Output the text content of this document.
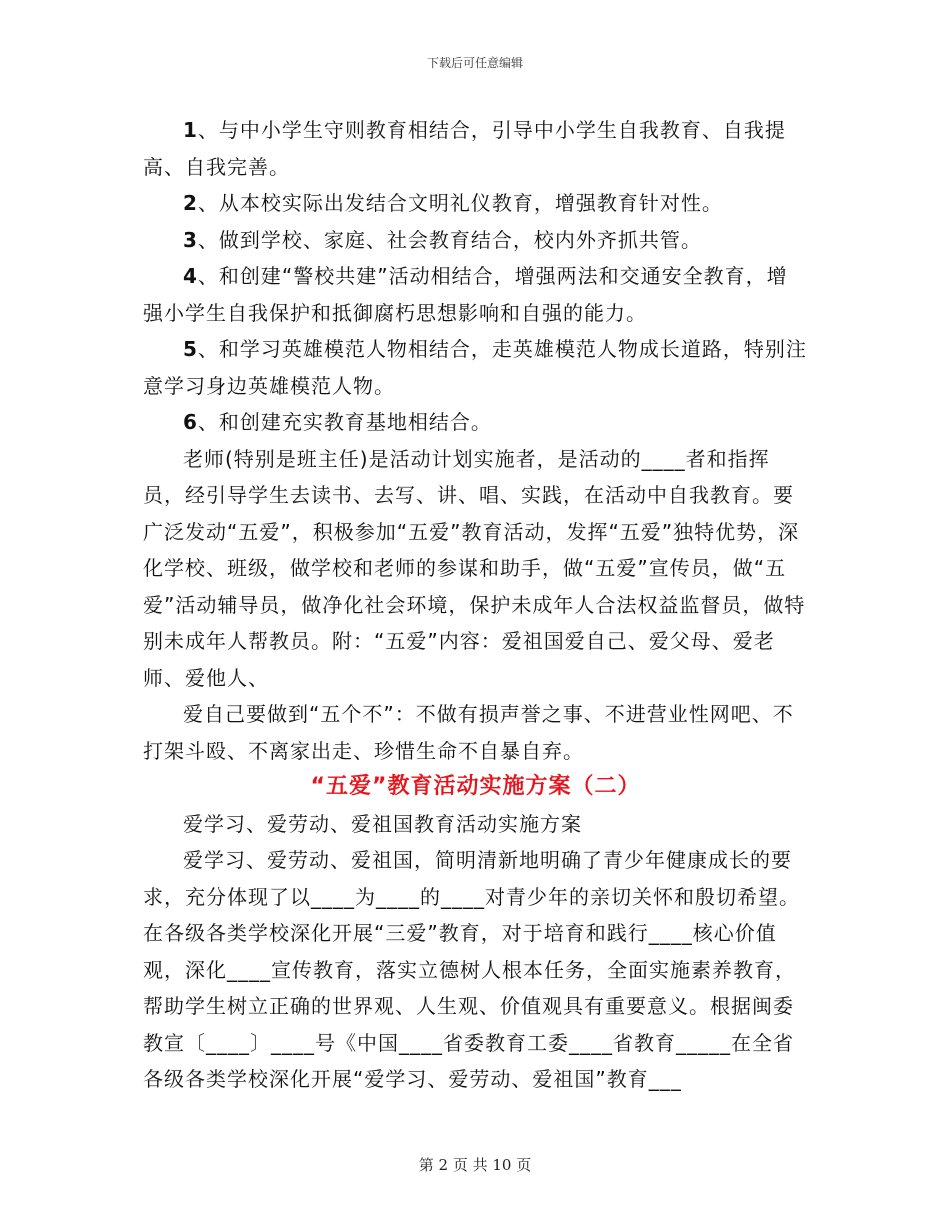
下载后可任意编辑

1、与中小学生守则教育相结合，引导中小学生自我教育、自我提高、自我完善。

2、从本校实际出发结合文明礼仪教育，增强教育针对性。

3、做到学校、家庭、社会教育结合，校内外齐抓共管。

4、和创建“警校共建”活动相结合，增强两法和交通安全教育，增强小学生自我保护和抵御腐朽思想影响和自强的能力。

5、和学习英雄模范人物相结合，走英雄模范人物成长道路，特别注意学习身边英雄模范人物。

6、和创建充实教育基地相结合。

老师(特别是班主任)是活动计划实施者，是活动的____者和指挥员，经引导学生去读书、去写、讲、唱、实践，在活动中自我教育。要广泛发动“五爱”，积极参加“五爱”教育活动，发挥“五爱”独特优势，深化学校、班级，做学校和老师的参谋和助手，做“五爱”宣传员，做“五爱”活动辅导员，做净化社会环境，保护未成年人合法权益监督员，做特别未成年人帮教员。附：“五爱”内容：爱祖国爱自己、爱父母、爱老师、爱他人、

爱自己要做到“五个不”：不做有损声誉之事、不进营业性网吧、不打架斗殴、不离家出走、珍惜生命不自暴自弃。

“五爱”教育活动实施方案（二）

爱学习、爱劳动、爱祖国教育活动实施方案

爱学习、爱劳动、爱祖国，简明清新地明确了青少年健康成长的要求，充分体现了以____为____的____对青少年的亲切关怀和殷切希望。在各级各类学校深化开展“三爱”教育，对于培育和践行____核心价值观，深化____宣传教育，落实立德树人根本任务，全面实施素养教育，帮助学生树立正确的世界观、人生观、价值观具有重要意义。根据闽委教宣〔____〕____号《中国____省委教育工委____省教育_____在全省各级各类学校深化开展“爱学习、爱劳动、爱祖国”教育___

第 2 页 共 10 页
